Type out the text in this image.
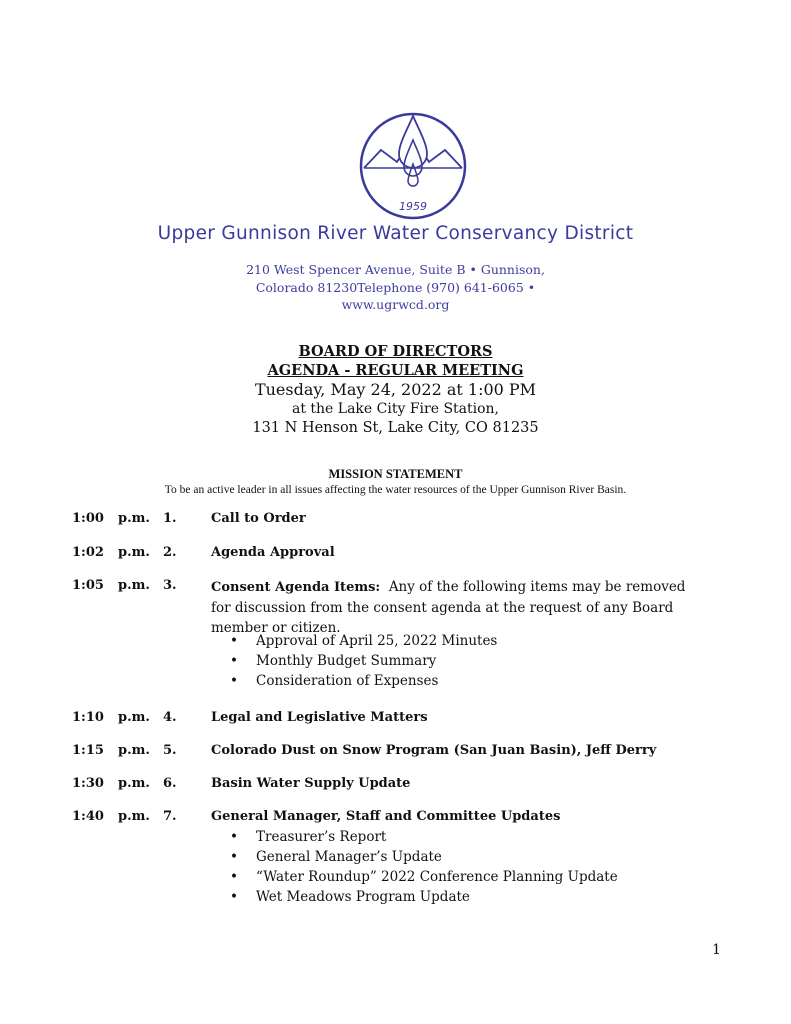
1959
Upper Gunnison River Water Conservancy District
210 West Spencer Avenue, Suite B • Gunnison,
Colorado 81230Telephone (970) 641-6065 •
www.ugrwcd.org
BOARD OF DIRECTORS
AGENDA - REGULAR MEETING
Tuesday, May 24, 2022 at 1:00 PM
at the Lake City Fire Station,
131 N Henson St, Lake City, CO 81235
MISSION STATEMENT
To be an active leader in all issues affecting the water resources of the Upper Gunnison River Basin.
1:00 p.m. 1.	Call to Order
1:02 p.m. 2.	Agenda Approval
1:05 p.m. 3.	Consent Agenda Items: Any of the following items may be removed for discussion from the consent agenda at the request of any Board member or citizen.
• Approval of April 25, 2022 Minutes
• Monthly Budget Summary
• Consideration of Expenses
1:10 p.m. 4.	Legal and Legislative Matters
1:15 p.m. 5.	Colorado Dust on Snow Program (San Juan Basin), Jeff Derry
1:30 p.m. 6.	Basin Water Supply Update
1:40 p.m. 7.	General Manager, Staff and Committee Updates
• Treasurer’s Report
• General Manager’s Update
• “Water Roundup” 2022 Conference Planning Update
• Wet Meadows Program Update
1
